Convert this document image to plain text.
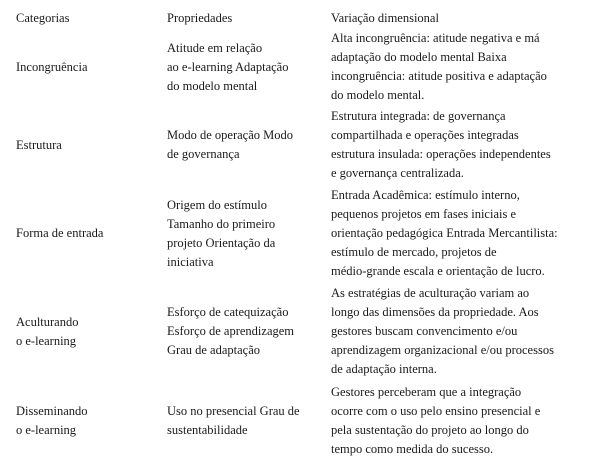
Categorias	Propriedades	Variação dimensional
Incongruência
Atitude em relação
ao e-learning Adaptação
do modelo mental
Alta incongruência: atitude negativa e má
adaptação do modelo mental Baixa
incongruência: atitude positiva e adaptação
do modelo mental.
Estrutura
Modo de operação Modo
de governança
Estrutura integrada: de governança
compartilhada e operações integradas
estrutura insulada: operações independentes
e governança centralizada.
Forma de entrada
Origem do estímulo
Tamanho do primeiro
projeto Orientação da
iniciativa
Entrada Acadêmica: estímulo interno,
pequenos projetos em fases iniciais e
orientação pedagógica Entrada Mercantilista:
estímulo de mercado, projetos de
médio-grande escala e orientação de lucro.
Aculturando
o e-learning
Esforço de catequização
Esforço de aprendizagem
Grau de adaptação
As estratégias de aculturação variam ao
longo das dimensões da propriedade. Aos
gestores buscam convencimento e/ou
aprendizagem organizacional e/ou processos
de adaptação interna.
Disseminando
o e-learning
Uso no presencial Grau de
sustentabilidade
Gestores perceberam que a integração
ocorre com o uso pelo ensino presencial e
pela sustentação do projeto ao longo do
tempo como medida do sucesso.
